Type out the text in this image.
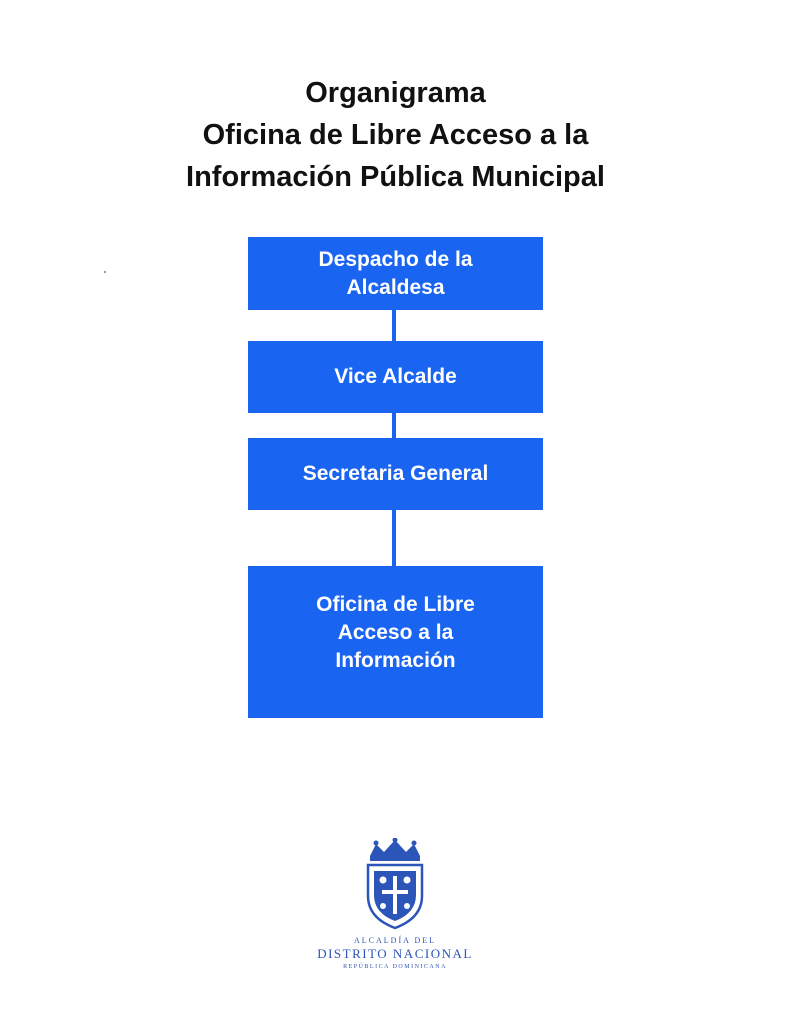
Organigrama
Oficina de Libre Acceso a la
Información Pública Municipal
Despacho de la
Alcaldesa
Vice Alcalde
Secretaria General
Oficina de Libre
Acceso a la
Información
ALCALDÍA DEL
DISTRITO NACIONAL
REPÚBLICA DOMINICANA
